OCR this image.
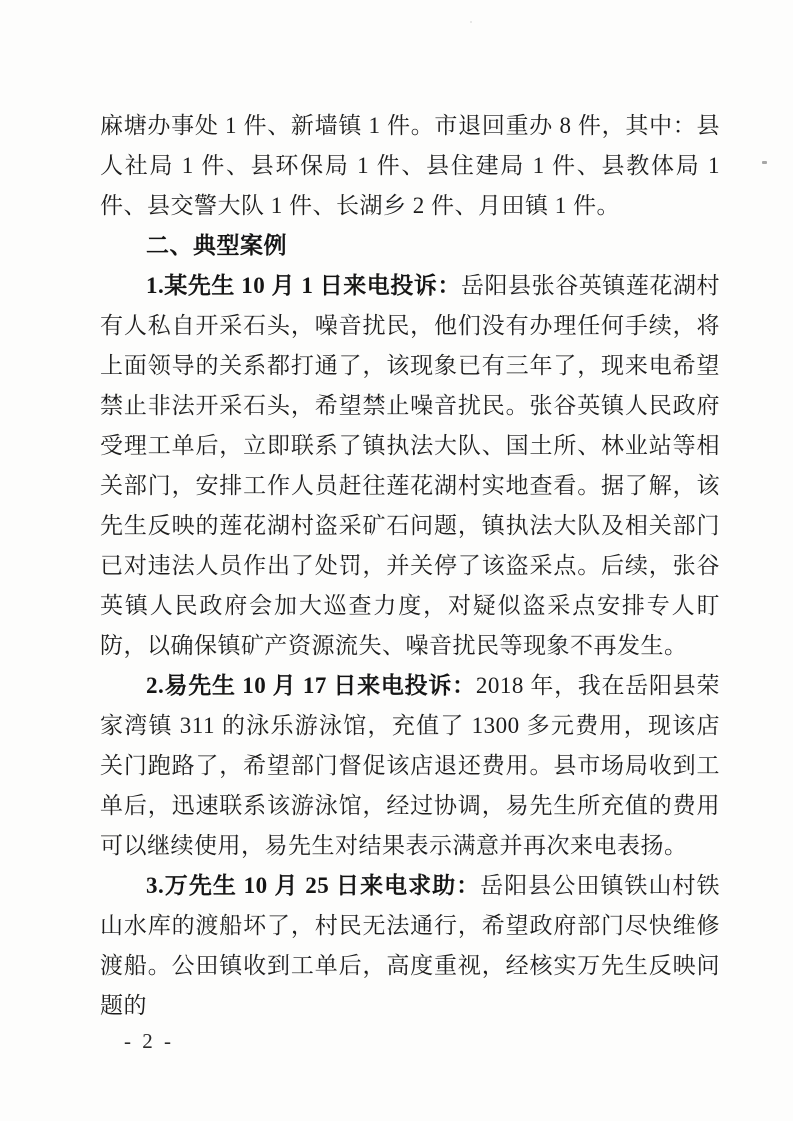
麻塘办事处 1 件、新墙镇 1 件。市退回重办 8 件，其中：县人社局 1 件、县环保局 1 件、县住建局 1 件、县教体局 1 件、县交警大队 1 件、长湖乡 2 件、月田镇 1 件。

二、典型案例

1.某先生 10 月 1 日来电投诉：岳阳县张谷英镇莲花湖村有人私自开采石头，噪音扰民，他们没有办理任何手续，将上面领导的关系都打通了，该现象已有三年了，现来电希望禁止非法开采石头，希望禁止噪音扰民。张谷英镇人民政府受理工单后，立即联系了镇执法大队、国土所、林业站等相关部门，安排工作人员赶往莲花湖村实地查看。据了解，该先生反映的莲花湖村盗采矿石问题，镇执法大队及相关部门已对违法人员作出了处罚，并关停了该盗采点。后续，张谷英镇人民政府会加大巡查力度，对疑似盗采点安排专人盯防，以确保镇矿产资源流失、噪音扰民等现象不再发生。

2.易先生 10 月 17 日来电投诉：2018 年，我在岳阳县荣家湾镇 311 的泳乐游泳馆，充值了 1300 多元费用，现该店关门跑路了，希望部门督促该店退还费用。县市场局收到工单后，迅速联系该游泳馆，经过协调，易先生所充值的费用可以继续使用，易先生对结果表示满意并再次来电表扬。

3.万先生 10 月 25 日来电求助：岳阳县公田镇铁山村铁山水库的渡船坏了，村民无法通行，希望政府部门尽快维修渡船。公田镇收到工单后，高度重视，经核实万先生反映问题的

- 2 -
